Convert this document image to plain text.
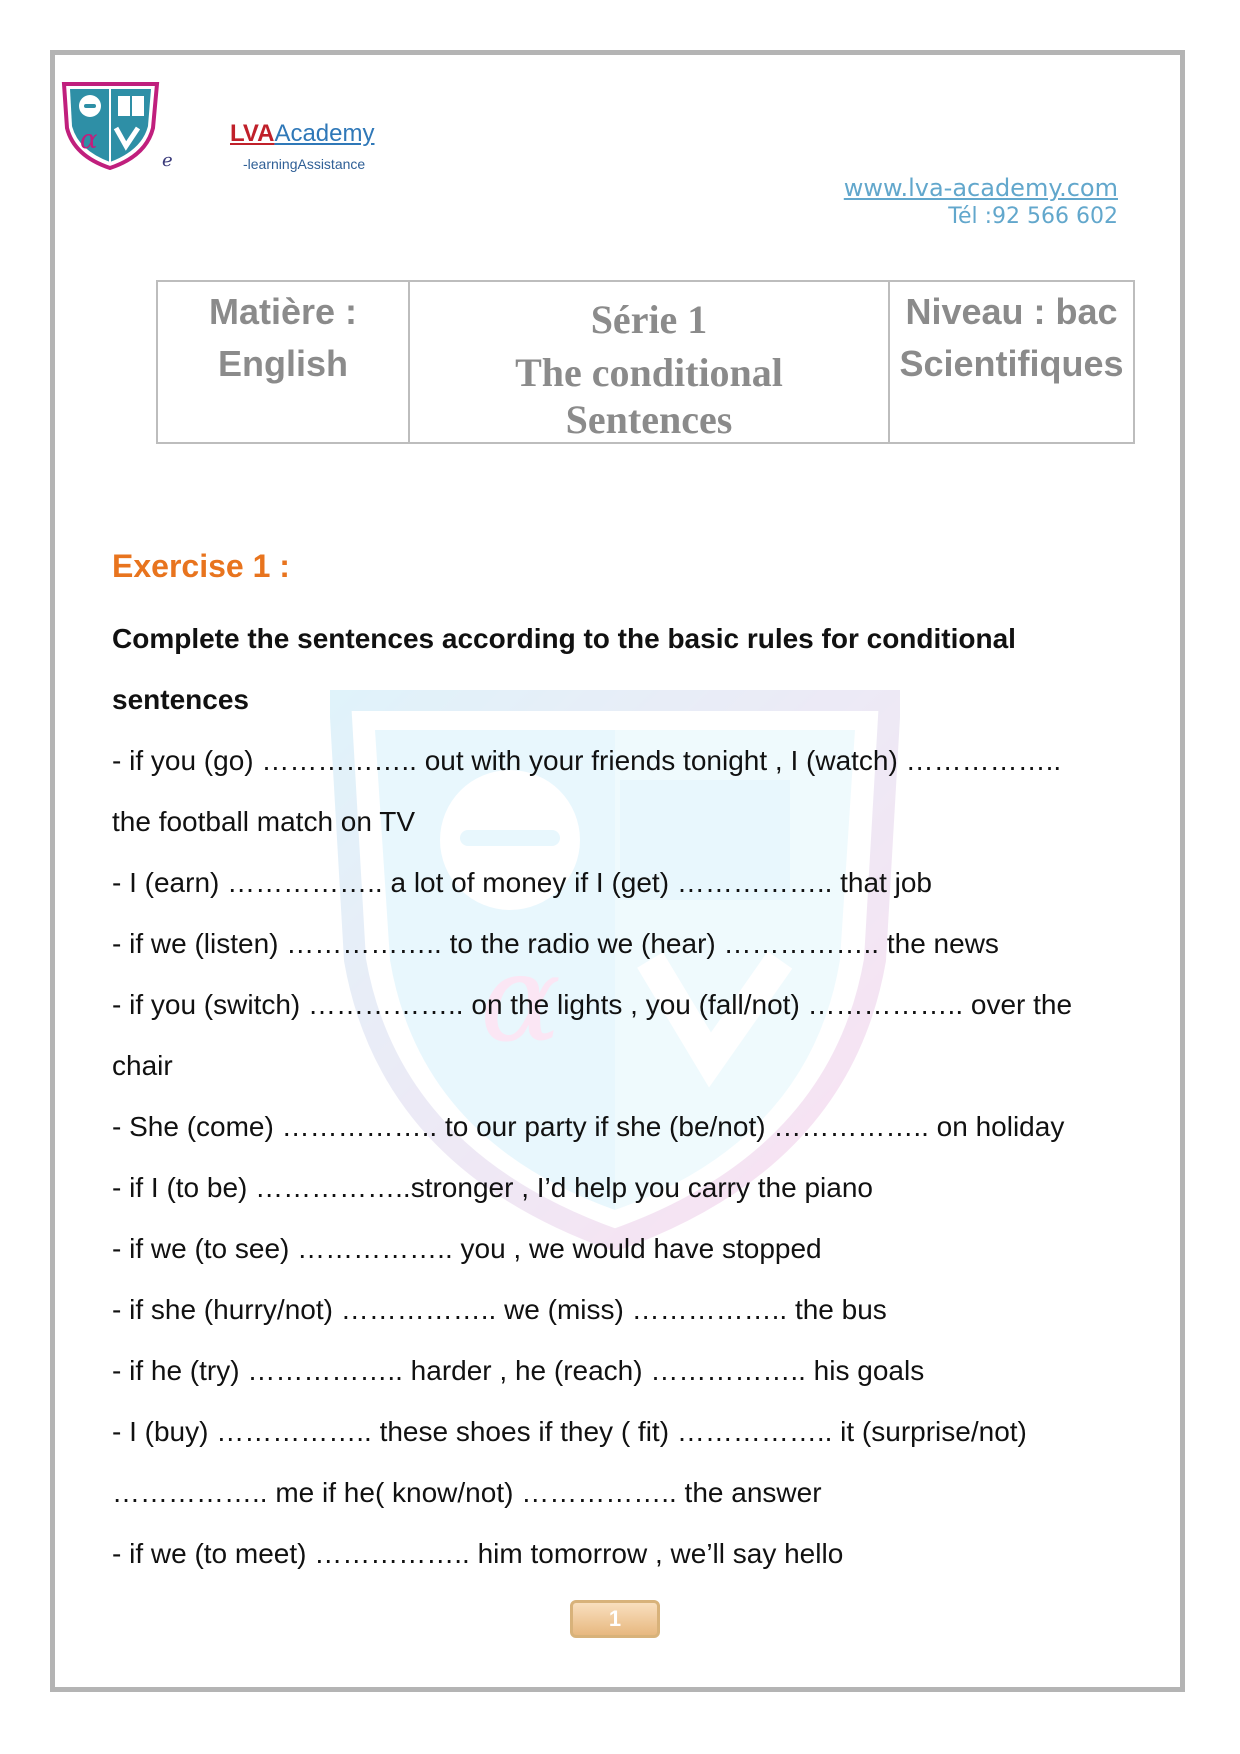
α
e
LVAAcademy
-learningAssistance
www.lva-academy.com
Tél :92 566 602
Matière :
English

Série 1
The conditional
Sentences

Niveau : bac
Scientifiques
α
Exercise 1 :
Complete the sentences according to the basic rules for conditional sentences
- if you (go) …………….. out with your friends tonight , I (watch) ……………..
the football match on TV
- I (earn) …………….. a lot of money if I (get) …………….. that job
- if we (listen) …………….. to the radio we (hear) …………….. the news
- if you (switch) …………….. on the lights , you (fall/not) …………….. over the
chair
- She (come) …………….. to our party if she (be/not) …………….. on holiday
- if I (to be) ……………..stronger , I’d help you carry the piano
- if we (to see) …………….. you , we would have stopped
- if she (hurry/not) …………….. we (miss) …………….. the bus
- if he (try) …………….. harder , he (reach) …………….. his goals
- I (buy) …………….. these shoes if they ( fit) …………….. it (surprise/not)
…………….. me if he( know/not) …………….. the answer
- if we (to meet) …………….. him tomorrow , we’ll say hello
1
